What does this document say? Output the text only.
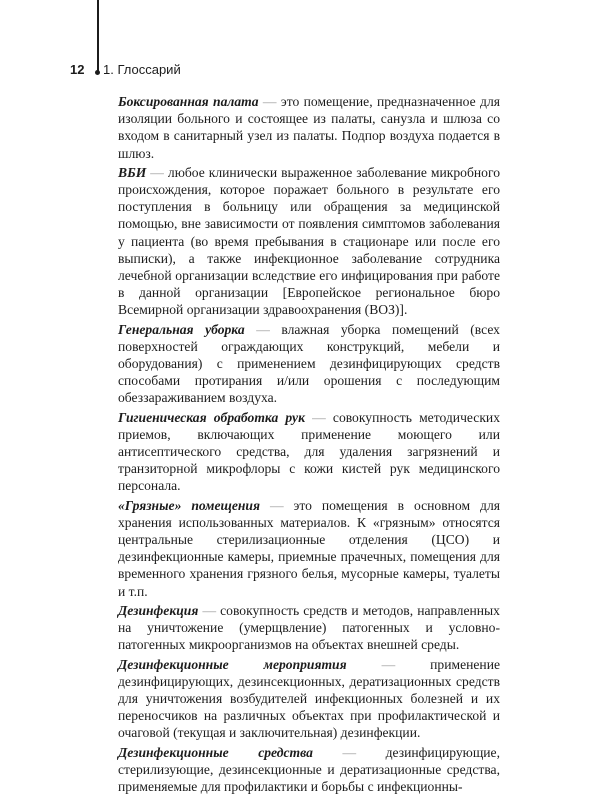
12 1. Глоссарий

Боксированная палата — это помещение, предназначенное для изоляции больного и состоящее из палаты, санузла и шлюза со входом в санитарный узел из палаты. Подпор воздуха подается в шлюз.

ВБИ — любое клинически выраженное заболевание микробного происхождения, которое поражает больного в результате его поступления в больницу или обращения за медицинской помощью, вне зависимости от появления симптомов заболевания у пациента (во время пребывания в стационаре или после его выписки), а также инфекционное заболевание сотрудника лечебной организации вследствие его инфицирования при работе в данной организации [Европейское региональное бюро Всемирной организации здравоохранения (ВОЗ)].

Генеральная уборка — влажная уборка помещений (всех поверхностей ограждающих конструкций, мебели и оборудования) с применением дезинфицирующих средств способами протирания и/или орошения с последующим обеззараживанием воздуха.

Гигиеническая обработка рук — совокупность методических приемов, включающих применение моющего или антисептического средства, для удаления загрязнений и транзиторной микрофлоры с кожи кистей рук медицинского персонала.

«Грязные» помещения — это помещения в основном для хранения использованных материалов. К «грязным» относятся центральные стерилизационные отделения (ЦСО) и дезинфекционные камеры, приемные прачечных, помещения для временного хранения грязного белья, мусорные камеры, туалеты и т.п.

Дезинфекция — совокупность средств и методов, направленных на уничтожение (умерщвление) патогенных и условно-патогенных микроорганизмов на объектах внешней среды.

Дезинфекционные мероприятия	—	применение дезинфицирующих, дезинсекционных, дератизационных средств для уничтожения возбудителей инфекционных болезней и их переносчиков на различных объектах при профилактической и очаговой (текущая и заключительная) дезинфекции.

Дезинфекционные средства — дезинфицирующие, стерилизующие, дезинсекционные и дератизационные средства, применяемые для профилактики и борьбы с инфекционны-
